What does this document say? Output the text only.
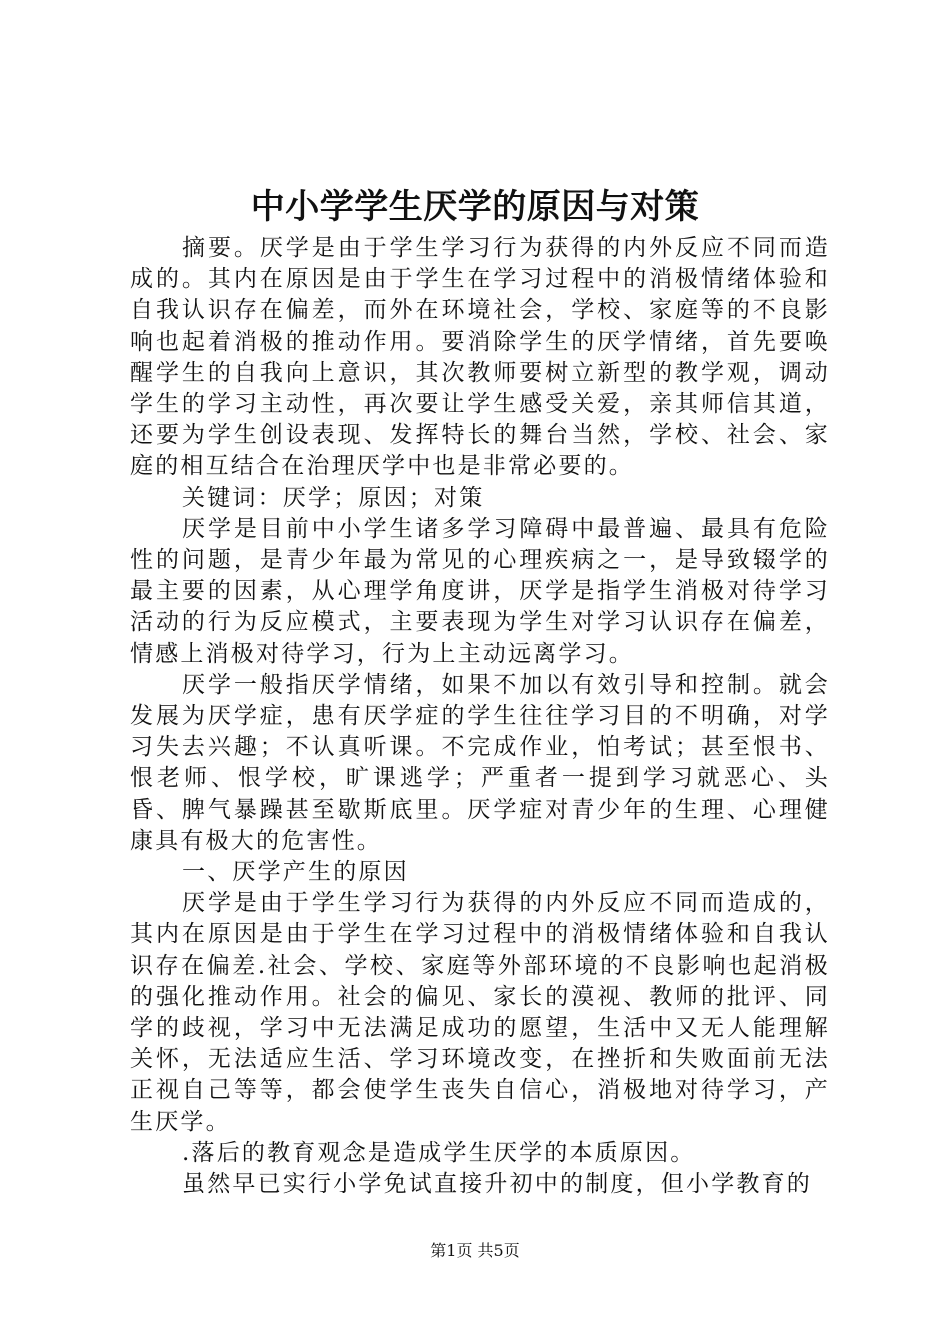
中小学学生厌学的原因与对策

摘要。厌学是由于学生学习行为获得的内外反应不同而造成的。其内在原因是由于学生在学习过程中的消极情绪体验和自我认识存在偏差，而外在环境社会，学校、家庭等的不良影响也起着消极的推动作用。要消除学生的厌学情绪，首先要唤醒学生的自我向上意识，其次教师要树立新型的教学观，调动学生的学习主动性，再次要让学生感受关爱，亲其师信其道，还要为学生创设表现、发挥特长的舞台当然，学校、社会、家庭的相互结合在治理厌学中也是非常必要的。

关键词：厌学；原因；对策

厌学是目前中小学生诸多学习障碍中最普遍、最具有危险性的问题，是青少年最为常见的心理疾病之一，是导致辍学的最主要的因素，从心理学角度讲，厌学是指学生消极对待学习活动的行为反应模式，主要表现为学生对学习认识存在偏差，情感上消极对待学习，行为上主动远离学习。

厌学一般指厌学情绪，如果不加以有效引导和控制。就会发展为厌学症，患有厌学症的学生往往学习目的不明确，对学习失去兴趣；不认真听课。不完成作业，怕考试；甚至恨书、恨老师、恨学校，旷课逃学；严重者一提到学习就恶心、头昏、脾气暴躁甚至歇斯底里。厌学症对青少年的生理、心理健康具有极大的危害性。

一、厌学产生的原因

厌学是由于学生学习行为获得的内外反应不同而造成的，其内在原因是由于学生在学习过程中的消极情绪体验和自我认识存在偏差.社会、学校、家庭等外部环境的不良影响也起消极的强化推动作用。社会的偏见、家长的漠视、教师的批评、同学的歧视，学习中无法满足成功的愿望，生活中又无人能理解关怀，无法适应生活、学习环境改变，在挫折和失败面前无法正视自己等等，都会使学生丧失自信心，消极地对待学习，产生厌学。

.落后的教育观念是造成学生厌学的本质原因。

虽然早已实行小学免试直接升初中的制度，但小学教育的

第1页 共5页
